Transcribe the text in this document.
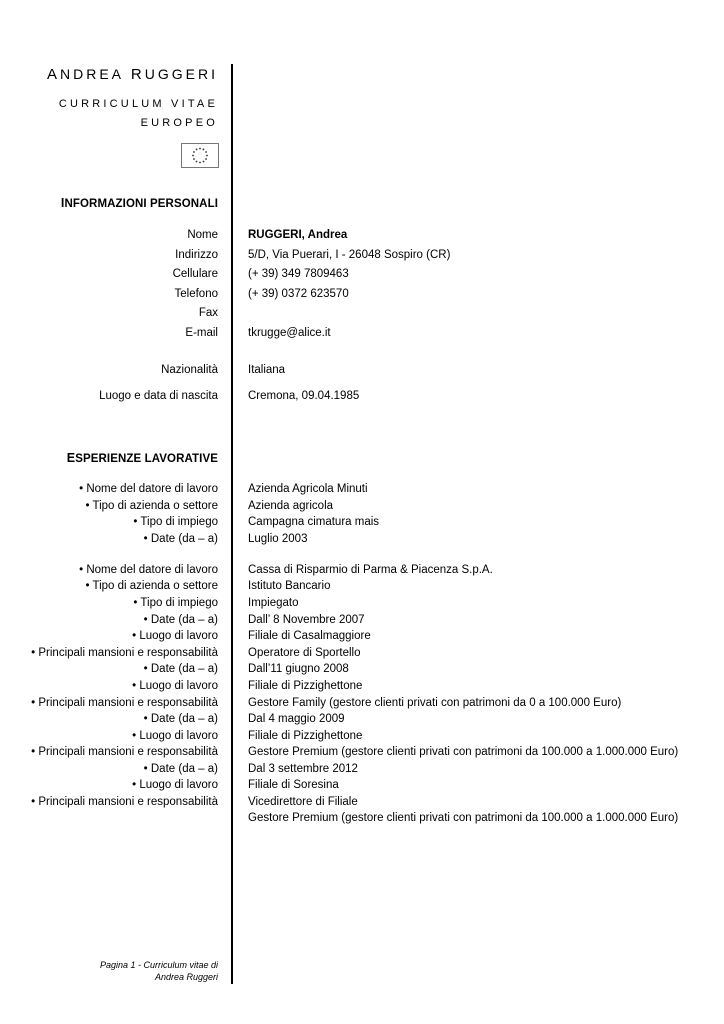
ANDREA RUGGERI
CURRICULUM VITAE
EUROPEO
INFORMAZIONI PERSONALI
Nome	RUGGERI, Andrea
Indirizzo	5/D, Via Puerari, I - 26048 Sospiro (CR)
Cellulare	(+ 39) 349 7809463
Telefono	(+ 39) 0372 623570
Fax
E-mail	tkrugge@alice.it
Nazionalità	Italiana
Luogo e data di nascita	Cremona, 09.04.1985
ESPERIENZE LAVORATIVE
• Nome del datore di lavoro	Azienda Agricola Minuti
• Tipo di azienda o settore	Azienda agricola
• Tipo di impiego	Campagna cimatura mais
• Date (da – a)	Luglio 2003
• Nome del datore di lavoro	Cassa di Risparmio di Parma & Piacenza S.p.A.
• Tipo di azienda o settore	Istituto Bancario
• Tipo di impiego	Impiegato
• Date (da – a)	Dall’ 8 Novembre 2007
• Luogo di lavoro	Filiale di Casalmaggiore
• Principali mansioni e responsabilità	Operatore di Sportello
• Date (da – a)	Dall’11 giugno 2008
• Luogo di lavoro	Filiale di Pizzighettone
• Principali mansioni e responsabilità	Gestore Family (gestore clienti privati con patrimoni da 0 a 100.000 Euro)
• Date (da – a)	Dal 4 maggio 2009
• Luogo di lavoro	Filiale di Pizzighettone
• Principali mansioni e responsabilità	Gestore Premium (gestore clienti privati con patrimoni da 100.000 a 1.000.000 Euro)
• Date (da – a)	Dal 3 settembre 2012
• Luogo di lavoro	Filiale di Soresina
• Principali mansioni e responsabilità	Vicedirettore di Filiale
Gestore Premium (gestore clienti privati con patrimoni da 100.000 a 1.000.000 Euro)
Pagina 1 - Curriculum vitae di
Andrea Ruggeri
